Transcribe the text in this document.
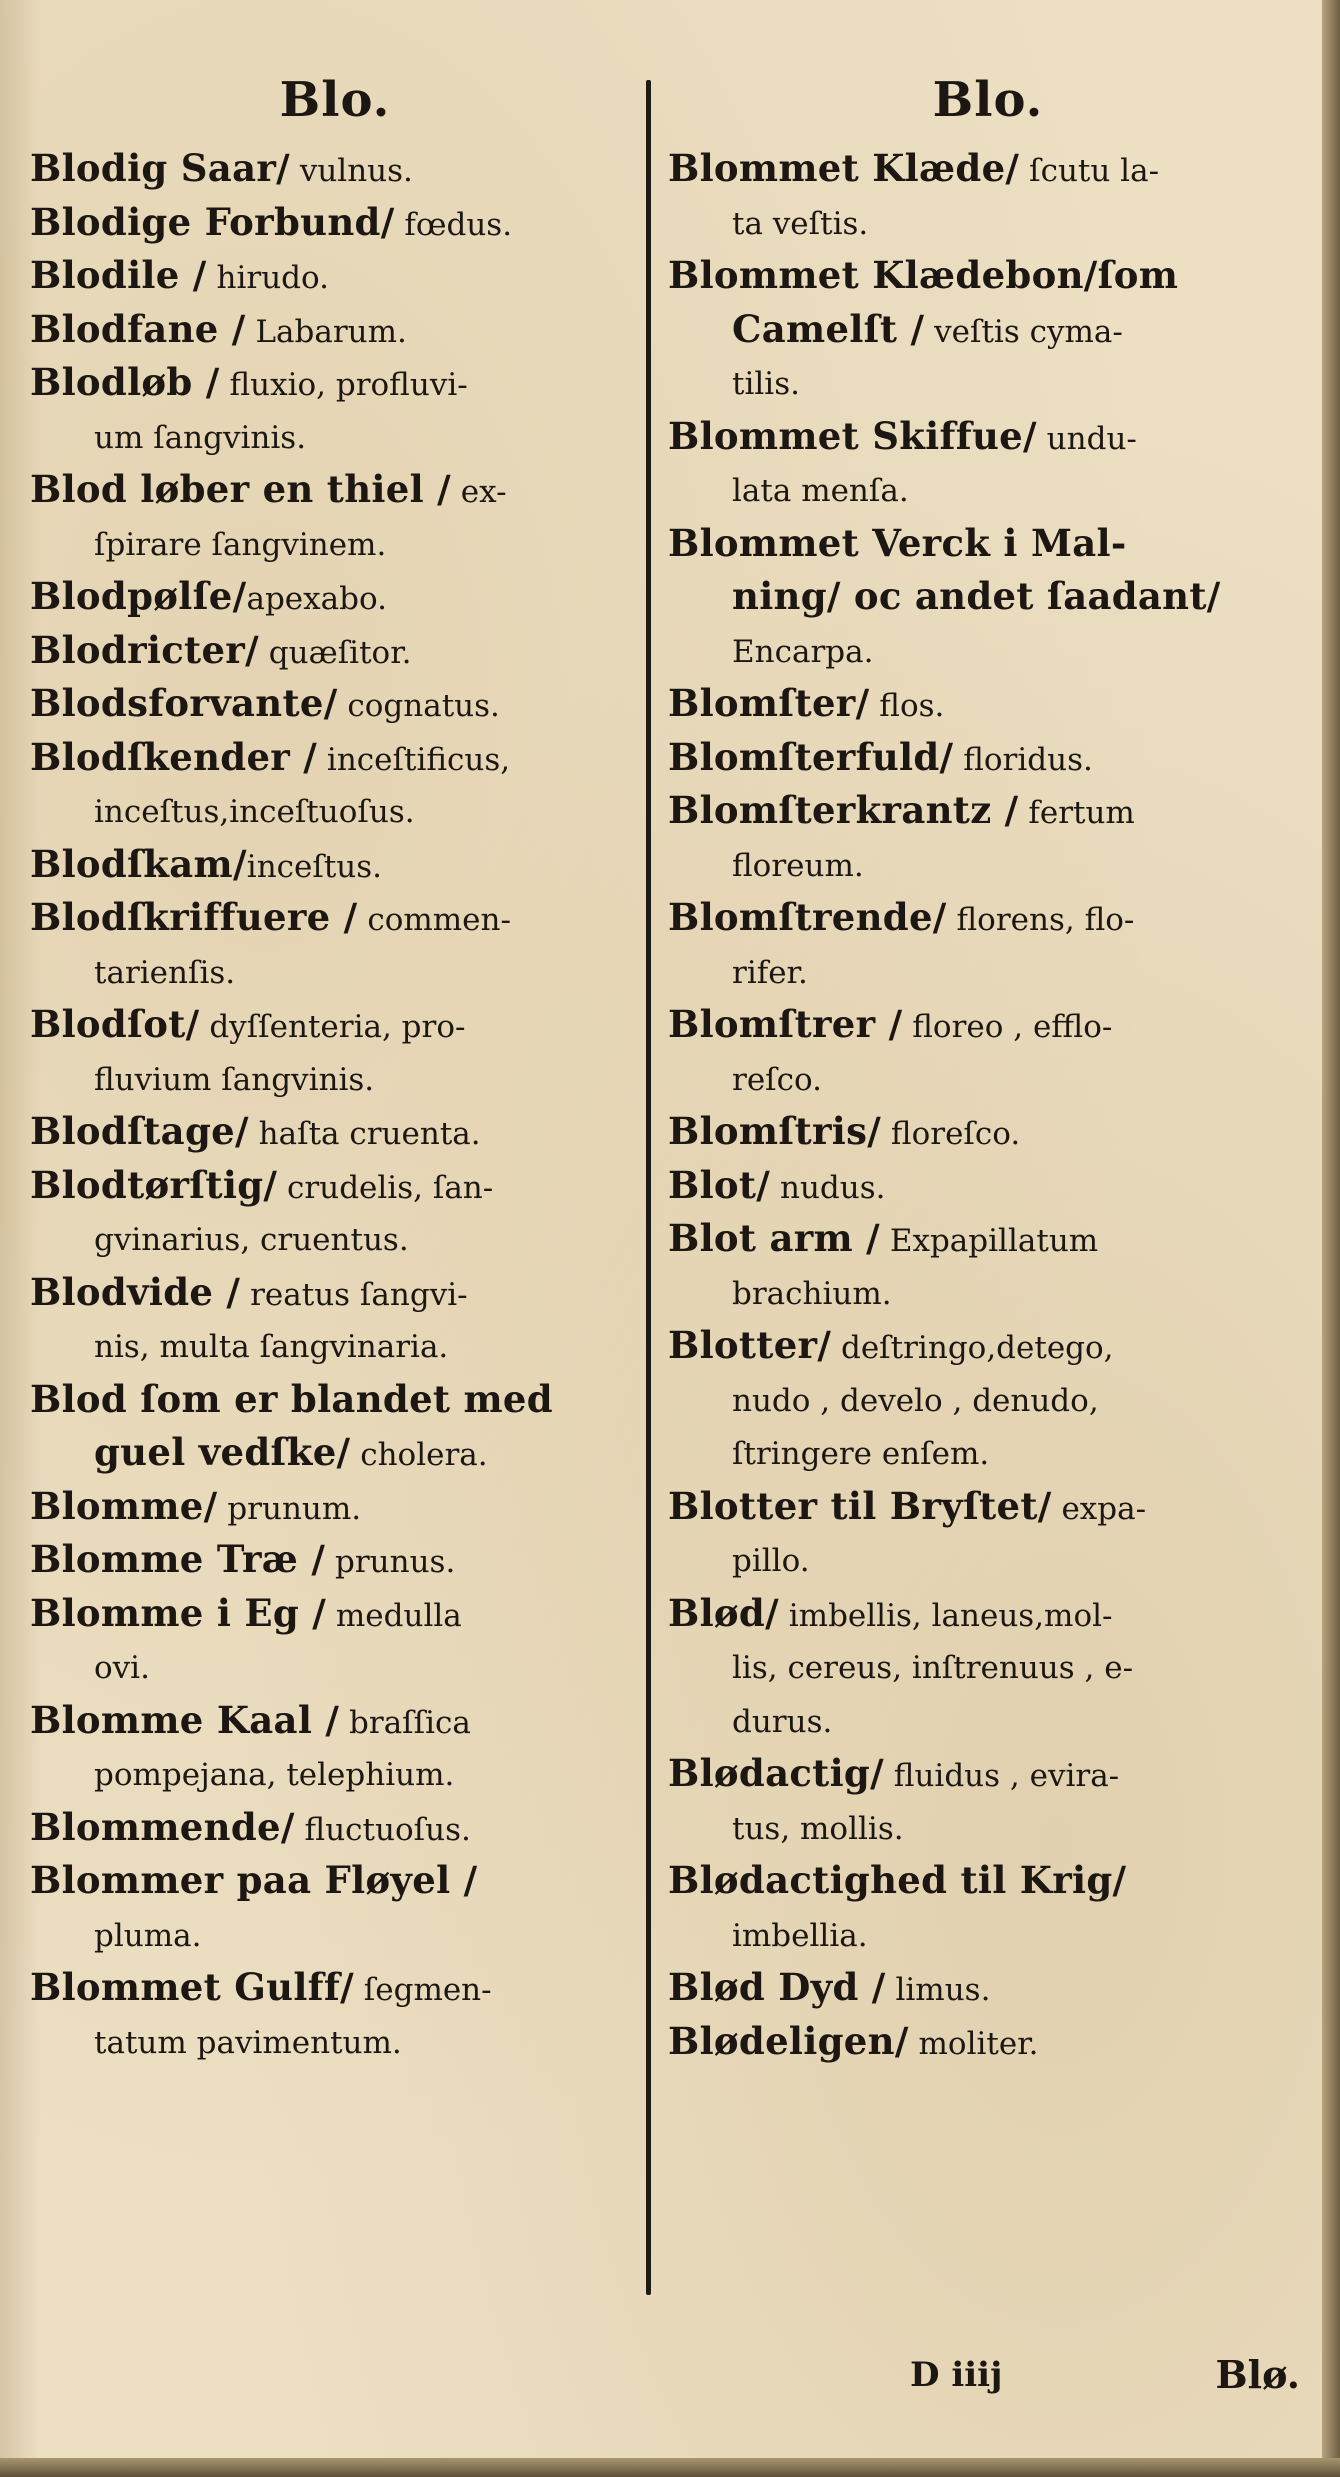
Blo.
Blodig Saar/ vulnus.
Blodige Forbund/ fœdus.
Blodile / hirudo.
Blodfane / Labarum.
Blodløb / fluxio, profluvi-
um ſangvinis.
Blod løber en thiel / ex-
ſpirare ſangvinem.
Blodpølſe/apexabo.
Blodricter/ quæſitor.
Blodsforvante/ cognatus.
Blodſkender / inceſtificus,
inceſtus,inceſtuoſus.
Blodſkam/inceſtus.
Blodſkriffuere / commen-
tarienſis.
Blodſot/ dyſſenteria, pro-
fluvium ſangvinis.
Blodſtage/ haſta cruenta.
Blodtørſtig/ crudelis, ſan-
gvinarius, cruentus.
Blodvide / reatus ſangvi-
nis, multa ſangvinaria.
Blod ſom er blandet med
guel vedſke/ cholera.
Blomme/ prunum.
Blomme Træ / prunus.
Blomme i Eg / medulla
ovi.
Blomme Kaal / braſſica
pompejana, telephium.
Blommende/ fluctuoſus.
Blommer paa Fløyel /
pluma.
Blommet Gulff/ ſegmen-
tatum pavimentum.
Blo.
Blommet Klæde/ ſcutu la-
ta veſtis.
Blommet Klædebon/ſom
Camelſt / veſtis cyma-
tilis.
Blommet Skiffue/ undu-
lata menſa.
Blommet Verck i Mal-
ning/ oc andet ſaadant/
Encarpa.
Blomſter/ flos.
Blomſterfuld/ floridus.
Blomſterkrantz / fertum
floreum.
Blomſtrende/ florens, flo-
rifer.
Blomſtrer / floreo , efflo-
reſco.
Blomſtris/ floreſco.
Blot/ nudus.
Blot arm / Expapillatum
brachium.
Blotter/ deſtringo,detego,
nudo , develo , denudo,
ſtringere enſem.
Blotter til Bryſtet/ expa-
pillo.
Blød/ imbellis, laneus,mol-
lis, cereus, inſtrenuus , e-
durus.
Blødactig/ fluidus , evira-
tus, mollis.
Blødactighed til Krig/
imbellia.
Blød Dyd / limus.
Blødeligen/ moliter.
D iiij	Blø.
